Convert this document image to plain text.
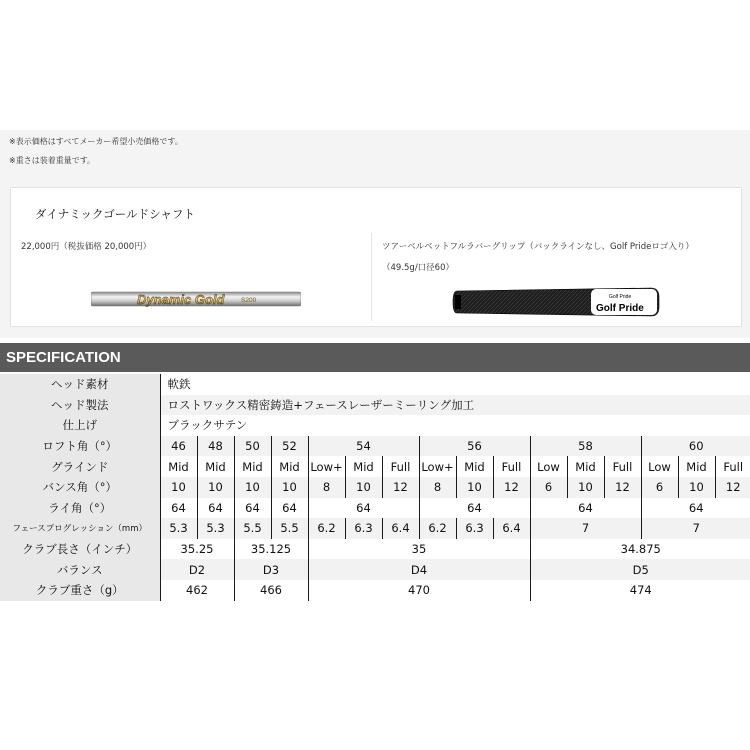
※表示価格はすべてメーカー希望小売価格です。
※重さは装着重量です。
ダイナミックゴールドシャフト
22,000円（税抜価格 20,000円）	ツアーベルベットフルラバーグリップ（バックラインなし、Golf Prideロゴ入り）
（49.5g/口径60）
Dynamic Gold	S200	Golf Pride
Golf Pride
SPECIFICATION
ヘッド素材	軟鉄															
ヘッド製法	ロストワックス精密鋳造+フェースレーザーミーリング加工															
仕上げ	ブラックサテン															
ロフト角（°）	46	48	50	52	54			56			58			60		
グラインド	Mid	Mid	Mid	Mid	Low+	Mid	Full	Low+	Mid	Full	Low	Mid	Full	Low	Mid	Full
バンス角（°）	10	10	10	10	8	10	12	8	10	12	6	10	12	6	10	12
ライ角（°）	64	64	64	64	64			64			64			64		
フェースプログレッション（mm）	5.3	5.3	5.5	5.5	6.2	6.3	6.4	6.2	6.3	6.4	7			7		
クラブ長さ（インチ）	35.25		35.125		35						34.875					
バランス	D2		D3		D4						D5					
クラブ重さ（g）	462		466		470						474					
